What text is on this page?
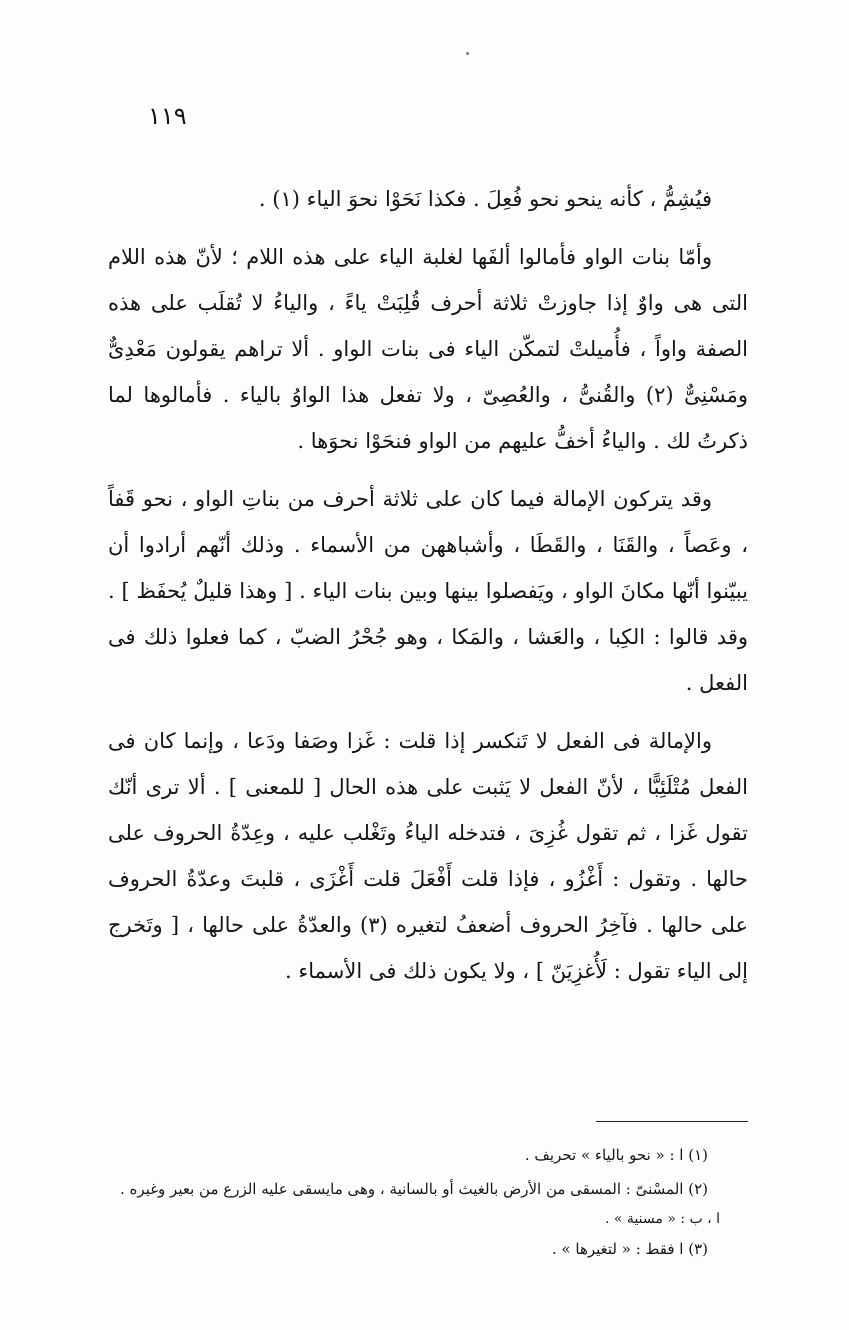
١١٩

فيُشِمُّ ، كأنه ينحو نحو فُعِلَ . فكذا نَحَوْا نحوَ الياء (١) .

وأمّا بنات الواو فأمالوا ألفَها لغلبة الياء على هذه اللام ؛ لأنّ هذه اللام التى هى واوٌ إذا جاوزتْ ثلاثة أحرف قُلِبَتْ ياءً ، والياءُ لا تُقلَب على هذه الصفة واواً ، فأُميلتْ لتمكّن الياء فى بنات الواو . ألا تراهم يقولون مَعْدِىٌّ ومَسْنِىٌّ (٢) والقُنىُّ ، والعُصِىّ ، ولا تفعل هذا الواوُ بالياء . فأمالوها لما ذكرتُ لك . والياءُ أخفُّ عليهم من الواو فنحَوْا نحوَها .

وقد يتركون الإمالة فيما كان على ثلاثة أحرف من بناتِ الواو ، نحو قَفاً ، وعَصاً ، والقَنَا ، والقَطَا ، وأشباههن من الأسماء . وذلك أنّهم أرادوا أن يبيّنوا أنّها مكانَ الواو ، ويَفصلوا بينها وبين بنات الياء . [ وهذا قليلٌ يُحفَظ ] . وقد قالوا : الكِبا ، والعَشا ، والمَكا ، وهو جُحْرُ الضبّ ، كما فعلوا ذلك فى الفعل .

والإمالة فى الفعل لا تَنكسر إذا قلت : غَزا وصَفا ودَعا ، وإنما كان فى الفعل مُتْلَئِبًّا ، لأنّ الفعل لا يَثبت على هذه الحال [ للمعنى ] . ألا ترى أنّك تقول غَزا ، ثم تقول غُزِىَ ، فتدخله الياءُ وتَغْلب عليه ، وعِدّةُ الحروف على حالها . وتقول : أَغْزُو ، فإذا قلت أَفْعَلَ قلت أَغْزَى ، قلبتَ وعدّةُ الحروف على حالها . فآخِرُ الحروف أضعفُ لتغيره (٣) والعدّةُ على حالها ، [ وتَخرج إلى الياء تقول : لَأُغزِيَنّ ] ، ولا يكون ذلك فى الأسماء .

(١) ا : « نحو بالياء » تحريف .

(٢) المسْنىّ : المسقى من الأرض بالغيث أو بالسانية ، وهى مايسقى عليه الزرع من بعير وغيره .

ا ، ب : « مسنية » .

(٣) ا فقط : « لتغيرها » .
